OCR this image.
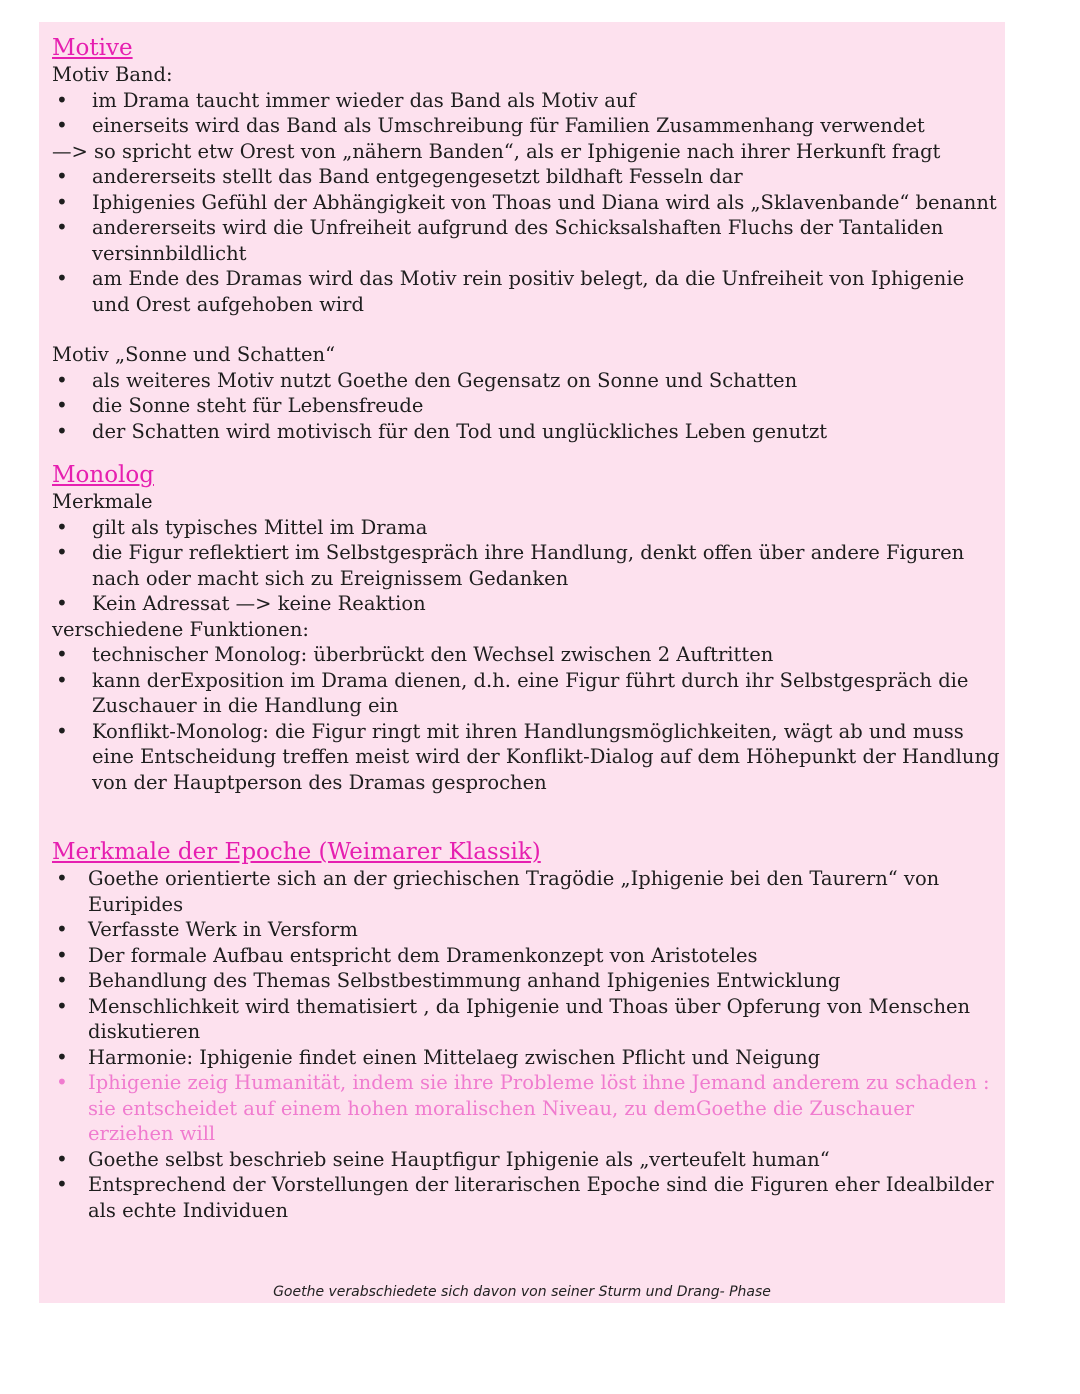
Motive
Motiv Band:
• im Drama taucht immer wieder das Band als Motiv auf
• einerseits wird das Band als Umschreibung für Familien Zusammenhang verwendet
—> so spricht etw Orest von „nähern Banden“, als er Iphigenie nach ihrer Herkunft fragt
• andererseits stellt das Band entgegengesetzt bildhaft Fesseln dar
• Iphigenies Gefühl der Abhängigkeit von Thoas und Diana wird als „Sklavenbande“ benannt
• andererseits wird die Unfreiheit aufgrund des Schicksalshaften Fluchs der Tantaliden versinnbildlicht
• am Ende des Dramas wird das Motiv rein positiv belegt, da die Unfreiheit von Iphigenie und Orest aufgehoben wird
Motiv „Sonne und Schatten“
• als weiteres Motiv nutzt Goethe den Gegensatz on Sonne und Schatten
• die Sonne steht für Lebensfreude
• der Schatten wird motivisch für den Tod und unglückliches Leben genutzt
Monolog
Merkmale
• gilt als typisches Mittel im Drama
• die Figur reflektiert im Selbstgespräch ihre Handlung, denkt offen über andere Figuren nach oder macht sich zu Ereignissem Gedanken
• Kein Adressat —> keine Reaktion
verschiedene Funktionen:
• technischer Monolog: überbrückt den Wechsel zwischen 2 Auftritten
• kann derExposition im Drama dienen, d.h. eine Figur führt durch ihr Selbstgespräch die Zuschauer in die Handlung ein
• Konflikt-Monolog: die Figur ringt mit ihren Handlungsmöglichkeiten, wägt ab und muss eine Entscheidung treffen meist wird der Konflikt-Dialog auf dem Höhepunkt der Handlung von der Hauptperson des Dramas gesprochen
Merkmale der Epoche (Weimarer Klassik)
• Goethe orientierte sich an der griechischen Tragödie „Iphigenie bei den Taurern“ von Euripides
• Verfasste Werk in Versform
• Der formale Aufbau entspricht dem Dramenkonzept von Aristoteles
• Behandlung des Themas Selbstbestimmung anhand Iphigenies Entwicklung
• Menschlichkeit wird thematisiert , da Iphigenie und Thoas über Opferung von Menschen diskutieren
• Harmonie: Iphigenie findet einen Mittelaeg zwischen Pflicht und Neigung
• Iphigenie zeig Humanität, indem sie ihre Probleme löst ihne Jemand anderem zu schaden : sie entscheidet auf einem hohen moralischen Niveau, zu demGoethe die Zuschauer erziehen will
• Goethe selbst beschrieb seine Hauptfigur Iphigenie als „verteufelt human“
• Entsprechend der Vorstellungen der literarischen Epoche sind die Figuren eher Idealbilder als echte Individuen
Goethe verabschiedete sich davon von seiner Sturm und Drang- Phase
